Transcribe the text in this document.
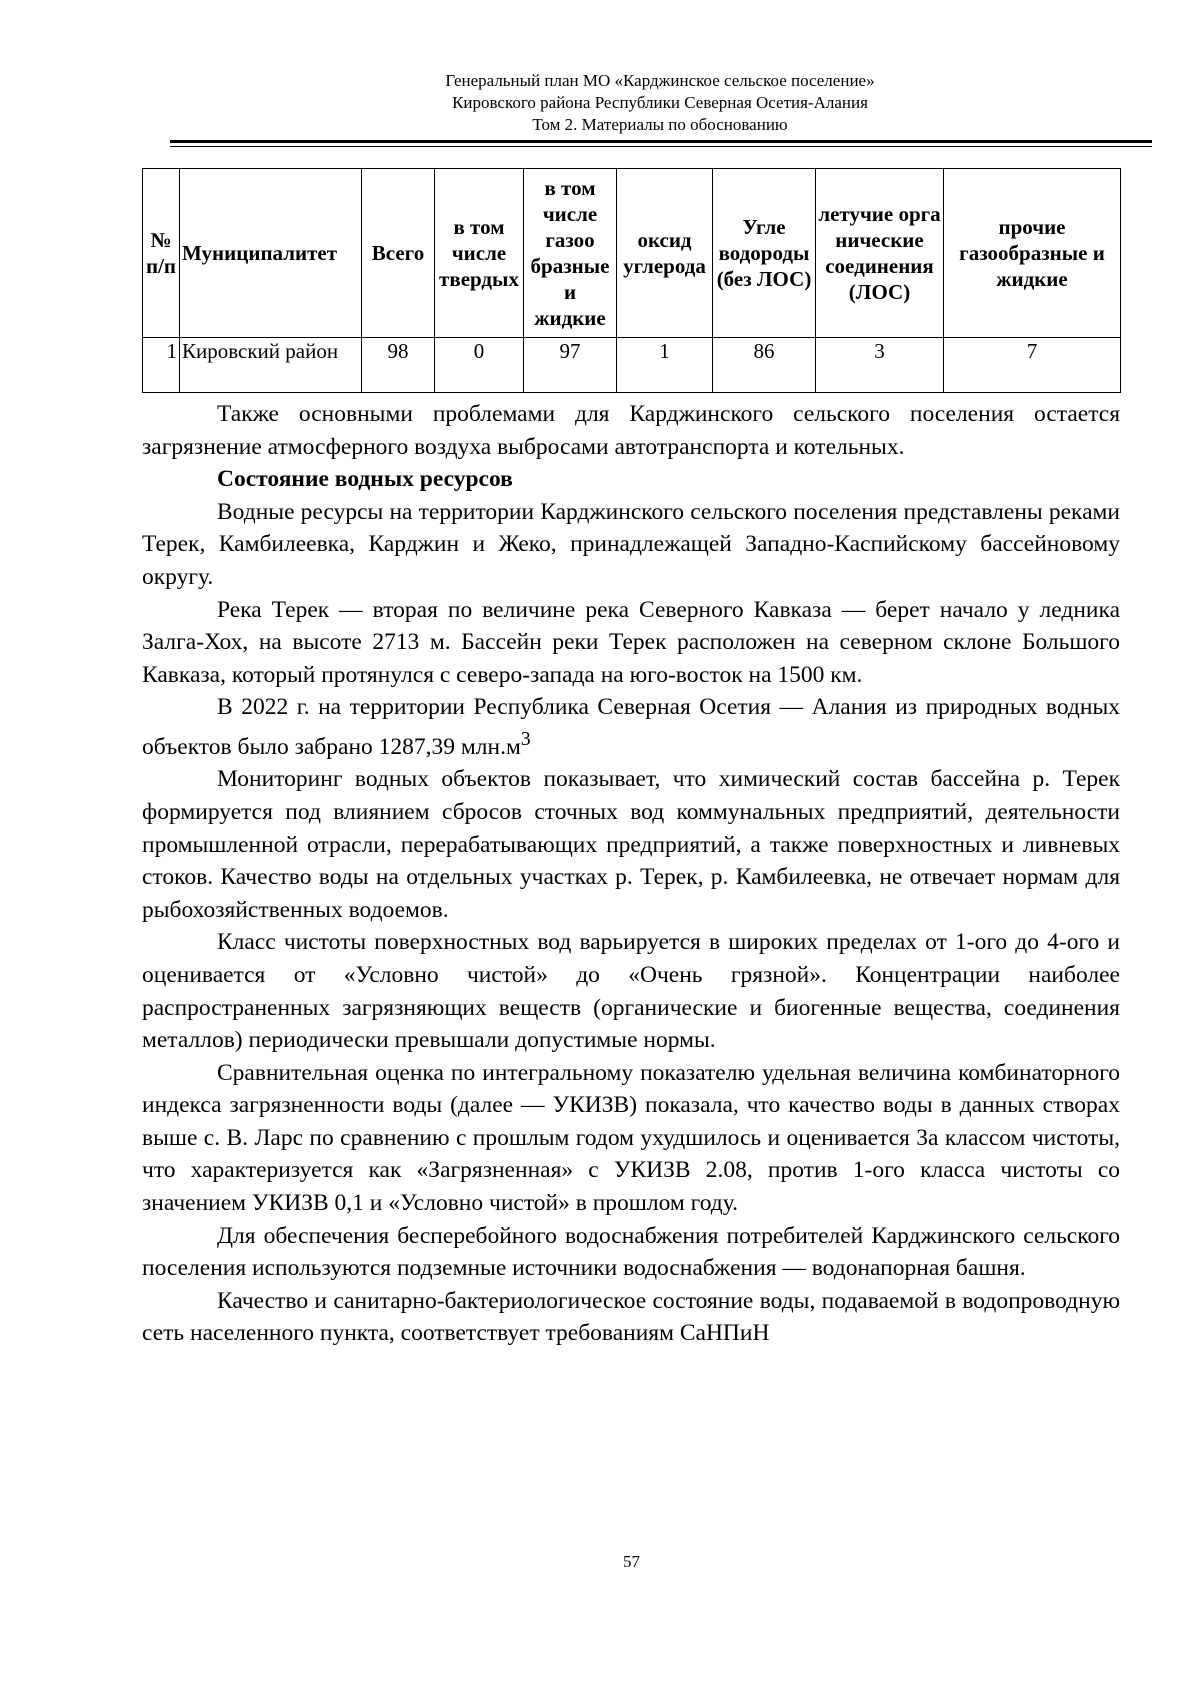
Генеральный план МО «Карджинское сельское поселение»
Кировского района Республики Северная Осетия-Алания
Том 2. Материалы по обоснованию
№ п/п	Муниципалитет	Всего	в том числе твердых	в том числе газоо бразные и жидкие	оксид углерода	Угле водороды (без ЛОС)	летучие орга нические соединения (ЛОС)	прочие газообразные и жидкие
1	Кировский район	98	0	97	1	86	3	7

Также основными проблемами для Карджинского сельского поселения остается загрязнение атмосферного воздуха выбросами автотранспорта и котельных.

Состояние водных ресурсов

Водные ресурсы на территории Карджинского сельского поселения представлены реками Терек, Камбилеевка, Карджин и Жеко, принадлежащей Западно-Каспийскому бассейновому округу.

Река Терек — вторая по величине река Северного Кавказа — берет начало у ледника Залга-Хох, на высоте 2713 м. Бассейн реки Терек расположен на северном склоне Большого Кавказа, который протянулся с северо-запада на юго-восток на 1500 км.

В 2022 г. на территории Республика Северная Осетия — Алания из природных водных объектов было забрано 1287,39 $млн.м^3$

Мониторинг водных объектов показывает, что химический состав бассейна р. Терек формируется под влиянием сбросов сточных вод коммунальных предприятий, деятельности промышленной отрасли, перерабатывающих предприятий, а также поверхностных и ливневых стоков. Качество воды на отдельных участках р. Терек, р. Камбилеевка, не отвечает нормам для рыбохозяйственных водоемов.

Класс чистоты поверхностных вод варьируется в широких пределах от 1-ого до 4-ого и оценивается от «Условно чистой» до «Очень грязной». Концентрации наиболее распространенных загрязняющих веществ (органические и биогенные вещества, соединения металлов) периодически превышали допустимые нормы.

Сравнительная оценка по интегральному показателю удельная величина комбинаторного индекса загрязненности воды (далее — УКИЗВ) показала, что качество воды в данных створах выше с. В. Ларс по сравнению с прошлым годом ухудшилось и оценивается 3а классом чистоты, что характеризуется как «Загрязненная» с УКИЗВ 2.08, против 1-ого класса чистоты со значением УКИЗВ 0,1 и «Условно чистой» в прошлом году.

Для обеспечения бесперебойного водоснабжения потребителей Карджинского сельского поселения используются подземные источники водоснабжения — водонапорная башня.

Качество и санитарно-бактериологическое состояние воды, подаваемой в водопроводную сеть населенного пункта, соответствует требованиям СаНПиН

57
